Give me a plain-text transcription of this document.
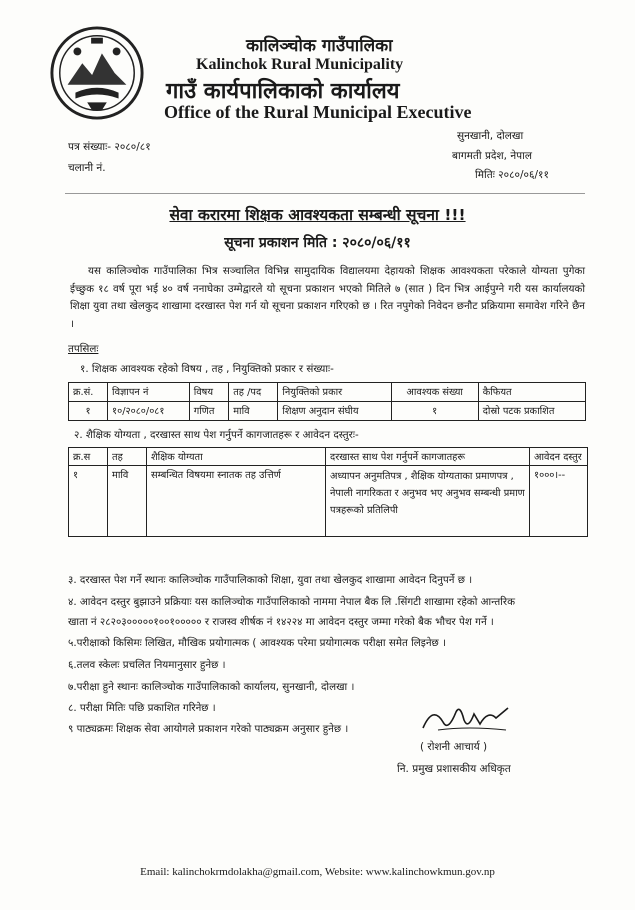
कालिञ्चोक गाउँपालिका
Kalinchok Rural Municipality
गाउँ कार्यपालिकाको कार्यालय
Office of the Rural Municipal Executive
पत्र संख्याः- २०८०/८१
चलानी नं.
सुनखानी, दोलखा
बागमती प्रदेश, नेपाल
मितिः २०८०/०६/११
सेवा करारमा शिक्षक आवश्यकता सम्बन्धी सूचना !!!
सूचना प्रकाशन मिति : २०८०/०६/११
यस कालिञ्चोक गाउँपालिका भित्र सञ्चालित विभिन्न सामुदायिक विद्यालयमा देहायको शिक्षक आवश्यकता परेकाले योग्यता पुगेका ईच्छुक १८ वर्ष पूरा भई ४० वर्ष ननाघेका उम्मेद्वारले यो सूचना प्रकाशन भएको मितिले ७ (सात ) दिन भित्र आईपुग्ने गरी यस कार्यालयको शिक्षा युवा तथा खेलकुद शाखामा दरखास्त पेश गर्न यो सूचना प्रकाशन गरिएको छ । रित नपुगेको निवेदन छनौट प्रक्रियामा समावेश गरिने छैन ।
तपसिलः
१. शिक्षक आवश्यक रहेको विषय , तह , नियुक्तिको प्रकार र संख्याः-
क्र.सं.	विज्ञापन नं	विषय	तह /पद	नियुक्तिको प्रकार	आवश्यक संख्या	कैफियत
१	१०/२०८०/०८१	गणित	मावि	शिक्षण अनुदान संघीय	१	दोस्रो पटक प्रकाशित
२. शैक्षिक योग्यता , दरखास्त साथ पेश गर्नुपर्ने कागजातहरू र आवेदन दस्तुरः-
क्र.स	तह	शैक्षिक योग्यता	दरखास्त साथ पेश गर्नुपर्ने कागजातहरू	आवेदन दस्तुर
१	मावि	सम्बन्धित विषयमा स्नातक तह उत्तिर्ण	अध्यापन अनुमतिपत्र , शैक्षिक योग्यताका प्रमाणपत्र , नेपाली नागरिकता र अनुभव भए अनुभव सम्बन्धी प्रमाण पत्रहरूको प्रतिलिपी	१०००।--
३. दरखास्त पेश गर्ने स्थानः कालिञ्चोक गाउँपालिकाको शिक्षा, युवा तथा खेलकुद शाखामा आवेदन दिनुपर्ने छ ।
४. आवेदन दस्तुर बुझाउने प्रक्रियाः यस कालिञ्चोक गाउँपालिकाको नाममा नेपाल बैक लि .सिंगटी शाखामा रहेको आन्तरिक
खाता नं २८२०३०००००१००१००००० र राजस्व शीर्षक नं १४२२४ मा आवेदन दस्तुर जम्मा गरेको बैक भौचर पेश गर्ने ।
५.परीक्षाको किसिमः लिखित, मौखिक प्रयोगात्मक ( आवश्यक परेमा प्रयोगात्मक परीक्षा समेत लिइनेछ ।
६.तलव स्केलः प्रचलित नियमानुसार हुनेछ ।
७.परीक्षा हुने स्थानः कालिञ्चोक गाउँपालिकाको कार्यालय, सुनखानी, दोलखा ।
८. परीक्षा मितिः पछि प्रकाशित गरिनेछ ।
९ पाठ्यक्रमः शिक्षक सेवा आयोगले प्रकाशन गरेको पाठ्यक्रम अनुसार हुनेछ ।
( रोशनी आचार्य )
नि. प्रमुख प्रशासकीय अधिकृत
Email: kalinchokrmdolakha@gmail.com, Website: www.kalinchowkmun.gov.np
